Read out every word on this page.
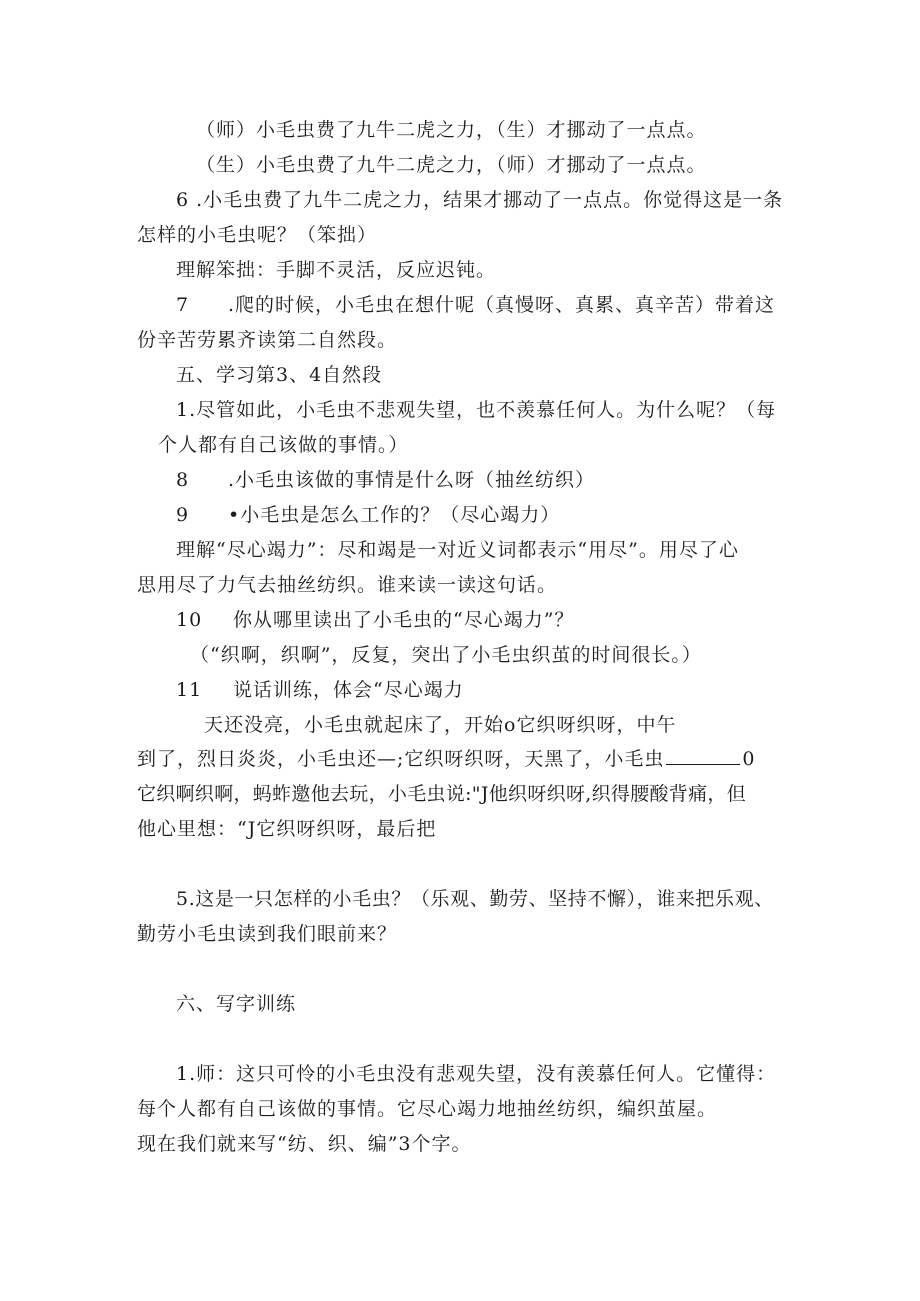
（师）小毛虫费了九牛二虎之力，（生）才挪动了一点点。
（生）小毛虫费了九牛二虎之力，（师）才挪动了一点点。
6 .小毛虫费了九牛二虎之力，结果才挪动了一点点。你觉得这是一条
怎样的小毛虫呢？（笨拙）
理解笨拙：手脚不灵活，反应迟钝。
7 .爬的时候，小毛虫在想什呢（真慢呀、真累、真辛苦）带着这
份辛苦劳累齐读第二自然段。
五、学习第3、4自然段
1.尽管如此，小毛虫不悲观失望，也不羡慕任何人。为什么呢？（每
个人都有自己该做的事情。）
8 .小毛虫该做的事情是什么呀（抽丝纺织）
9 •小毛虫是怎么工作的？（尽心竭力）
理解“尽心竭力”：尽和竭是一对近义词都表示“用尽”。用尽了心
思用尽了力气去抽丝纺织。谁来读一读这句话。
10 你从哪里读出了小毛虫的“尽心竭力”？
（“织啊，织啊”，反复，突出了小毛虫织茧的时间很长。）
11 说话训练，体会“尽心竭力
天还没亮，小毛虫就起床了，开始o它织呀织呀，中午
到了，烈日炎炎，小毛虫还—;它织呀织呀，天黑了，小毛虫	0
它织啊织啊，蚂蚱邀他去玩，小毛虫说:"J他织呀织呀,织得腰酸背痛，但
他心里想：“J它织呀织呀，最后把
5.这是一只怎样的小毛虫？（乐观、勤劳、坚持不懈），谁来把乐观、
勤劳小毛虫读到我们眼前来？
六、写字训练
1.师：这只可怜的小毛虫没有悲观失望，没有羡慕任何人。它懂得：
每个人都有自己该做的事情。它尽心竭力地抽丝纺织，编织茧屋。
现在我们就来写“纺、织、编”3个字。
